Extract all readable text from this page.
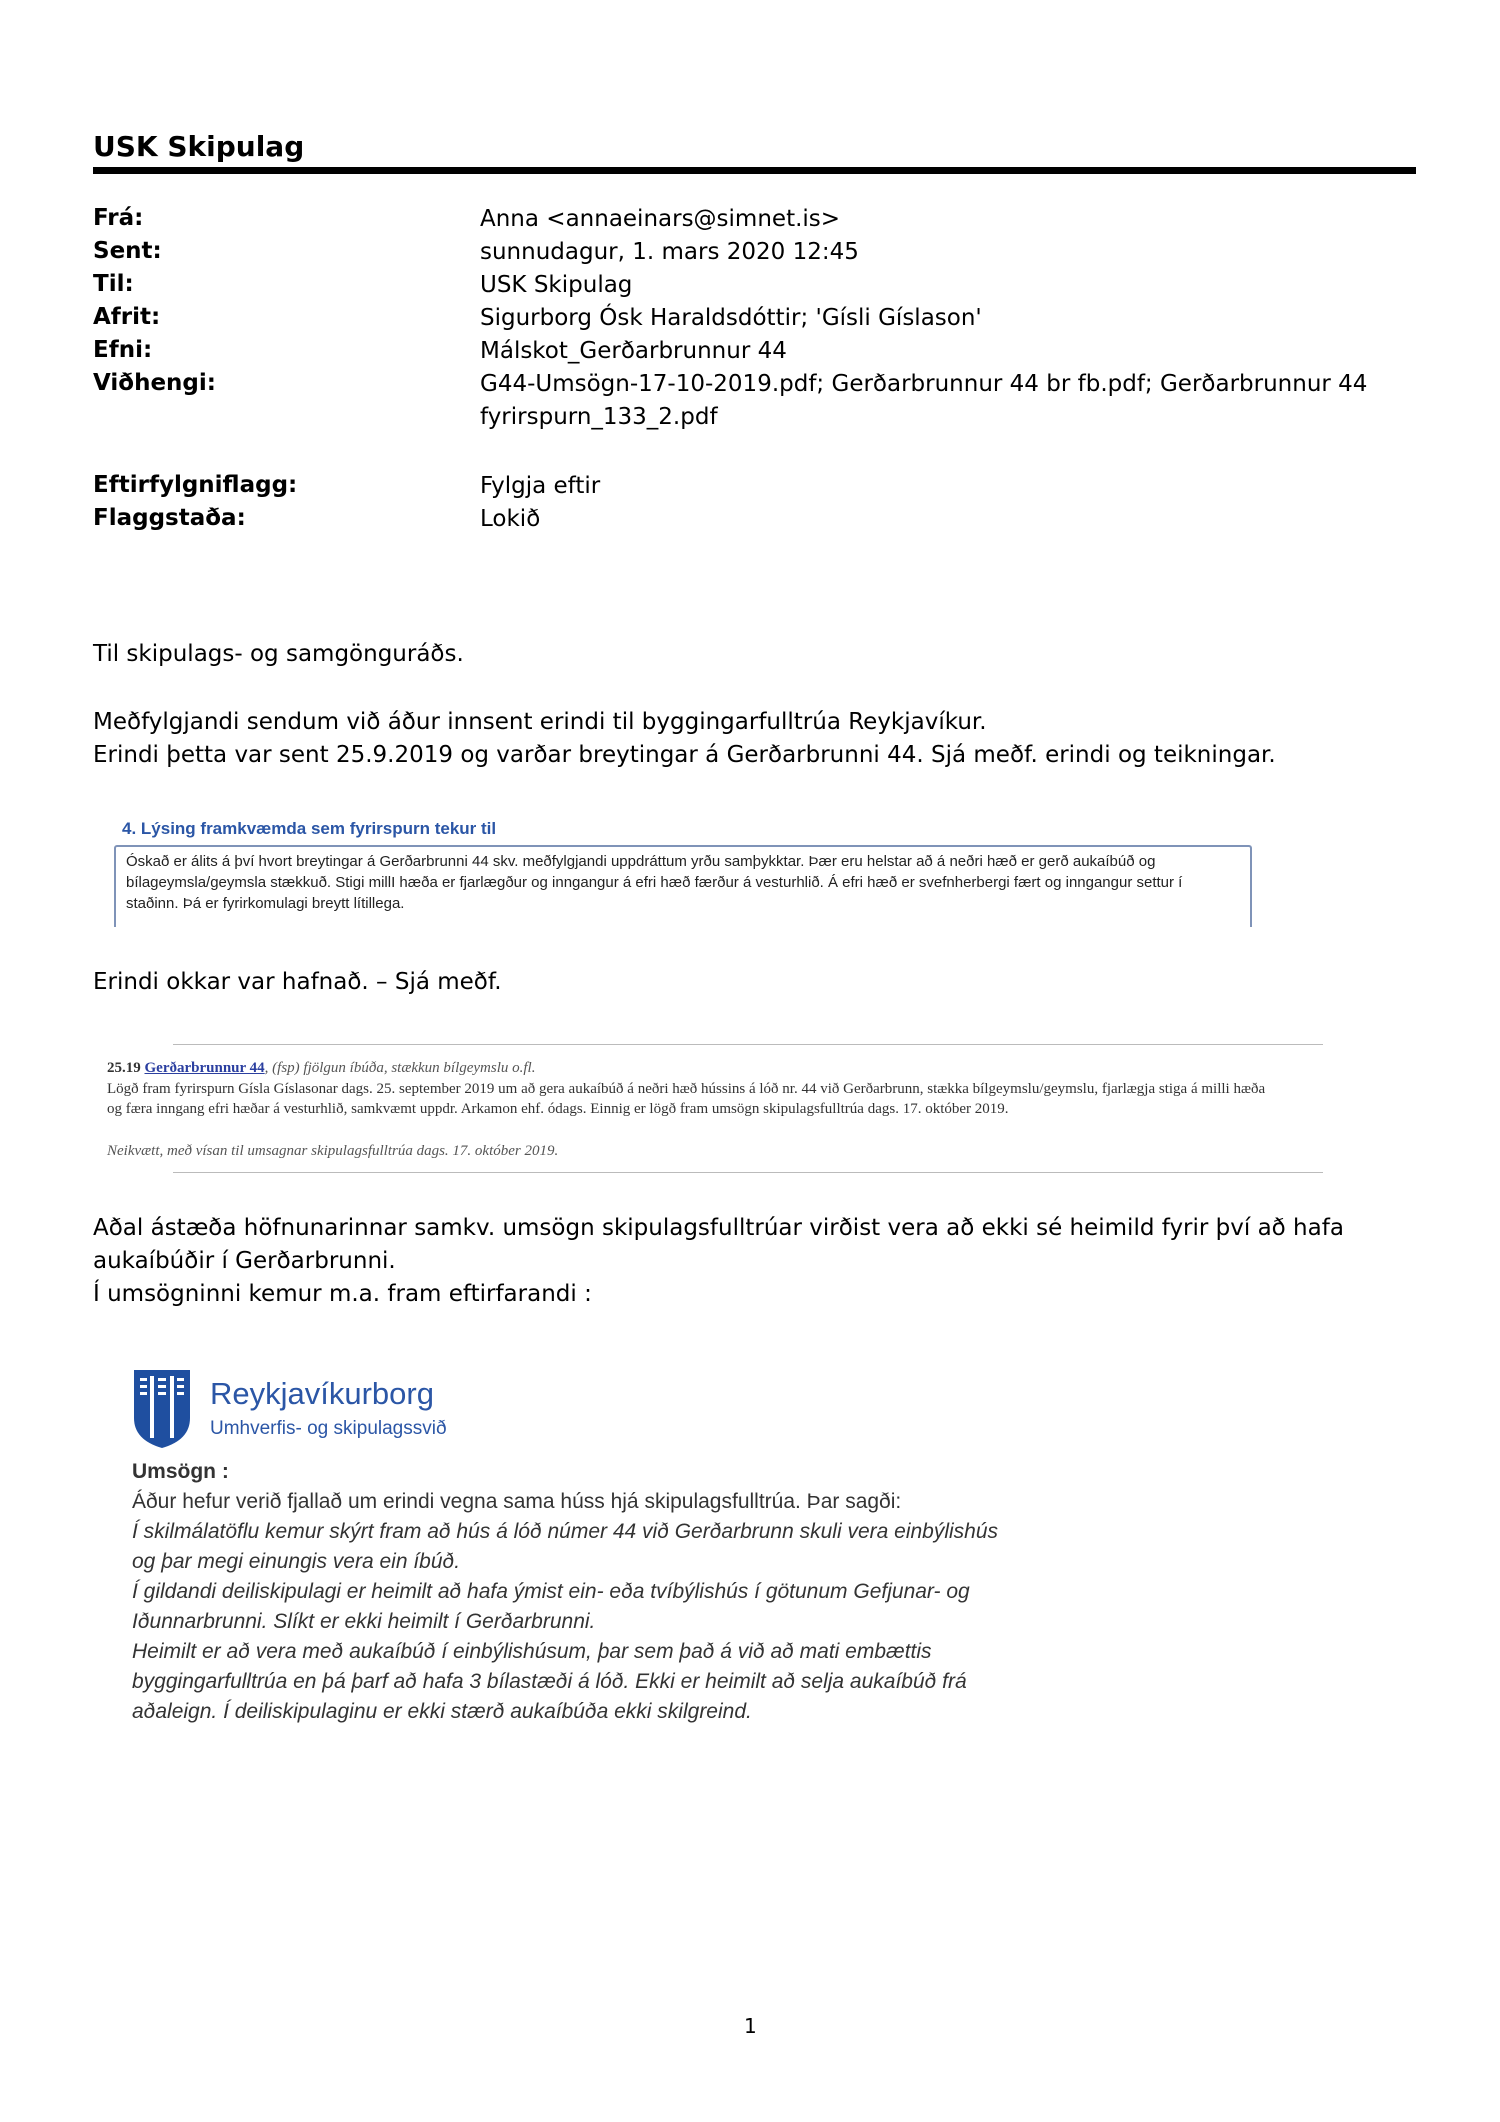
USK Skipulag
Frá:	Anna <annaeinars@simnet.is>
Sent:	sunnudagur, 1. mars 2020 12:45
Til:	USK Skipulag
Afrit:	Sigurborg Ósk Haraldsdóttir; 'Gísli Gíslason'
Efni:	Málskot_Gerðarbrunnur 44
Viðhengi:	G44-Umsögn-17-10-2019.pdf; Gerðarbrunnur 44 br fb.pdf; Gerðarbrunnur 44 fyrirspurn_133_2.pdf
Eftirfylgniflagg:	Fylgja eftir
Flaggstaða:	Lokið
Til skipulags- og samgönguráðs.
Meðfylgjandi sendum við áður innsent erindi til byggingarfulltrúa Reykjavíkur.
Erindi þetta var sent 25.9.2019 og varðar breytingar á Gerðarbrunni 44. Sjá meðf. erindi og teikningar.
4. Lýsing framkvæmda sem fyrirspurn tekur til
Óskað er álits á því hvort breytingar á Gerðarbrunni 44 skv. meðfylgjandi uppdráttum yrðu samþykktar. Þær eru helstar að á neðri hæð er gerð aukaíbúð og bílageymsla/geymsla stækkuð. Stigi millI hæða er fjarlægður og inngangur á efri hæð færður á vesturhlið. Á efri hæð er svefnherbergi fært og inngangur settur í staðinn. Þá er fyrirkomulagi breytt lítillega.
Erindi okkar var hafnað. – Sjá meðf.
25.19 Gerðarbrunnur 44, (fsp) fjölgun íbúða, stækkun bílgeymslu o.fl.
Lögð fram fyrirspurn Gísla Gíslasonar dags. 25. september 2019 um að gera aukaíbúð á neðri hæð hússins á lóð nr. 44 við Gerðarbrunn, stækka bílgeymslu/geymslu, fjarlægja stiga á milli hæða
og færa inngang efri hæðar á vesturhlið, samkvæmt uppdr. Arkamon ehf. ódags. Einnig er lögð fram umsögn skipulagsfulltrúa dags. 17. október 2019.
Neikvætt, með vísan til umsagnar skipulagsfulltrúa dags. 17. október 2019.
Aðal ástæða höfnunarinnar samkv. umsögn skipulagsfulltrúar virðist vera að ekki sé heimild fyrir því að hafa
aukaíbúðir í Gerðarbrunni.
Í umsögninni kemur m.a. fram eftirfarandi :
Reykjavíkurborg
Umhverfis- og skipulagssvið
Umsögn :
Áður hefur verið fjallað um erindi vegna sama húss hjá skipulagsfulltrúa. Þar sagði:
Í skilmálatöflu kemur skýrt fram að hús á lóð númer 44 við Gerðarbrunn skuli vera einbýlishús
og þar megi einungis vera ein íbúð.
Í gildandi deiliskipulagi er heimilt að hafa ýmist ein- eða tvíbýlishús í götunum Gefjunar- og
Iðunnarbrunni. Slíkt er ekki heimilt í Gerðarbrunni.
Heimilt er að vera með aukaíbúð í einbýlishúsum, þar sem það á við að mati embættis
byggingarfulltrúa en þá þarf að hafa 3 bílastæði á lóð. Ekki er heimilt að selja aukaíbúð frá
aðaleign. Í deiliskipulaginu er ekki stærð aukaíbúða ekki skilgreind.
1
